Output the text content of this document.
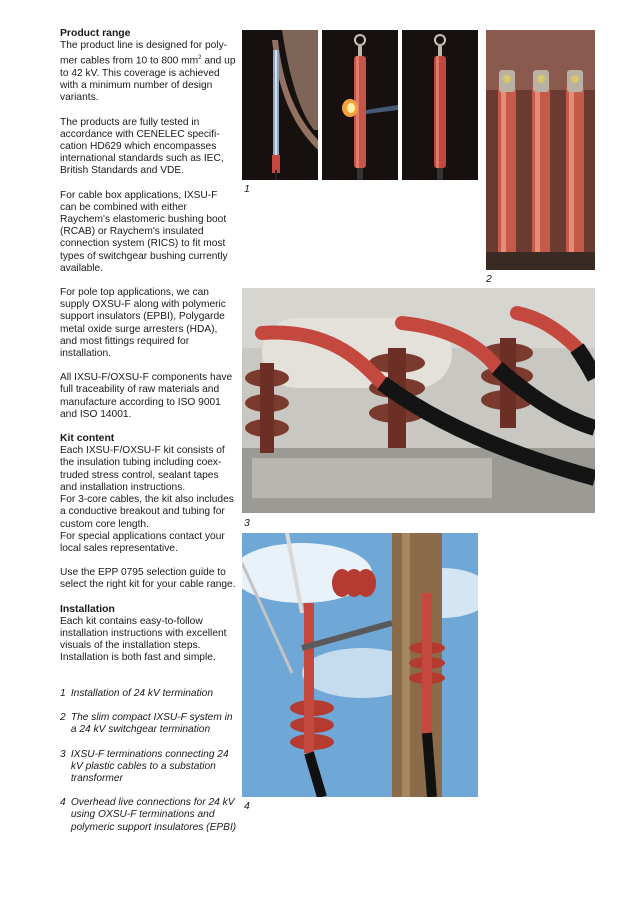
Product range

The product line is designed for poly-mer cables from 10 to 800 $mm^2$ and up to 42 kV. This coverage is achieved with a minimum number of design variants.

The products are fully tested in accordance with CENELEC specifi-cation HD629 which encompasses international standards such as IEC, British Standards and VDE.

For cable box applications, IXSU-F can be combined with either Raychem's elastomeric bushing boot (RCAB) or Raychem's insulated connection system (RICS) to fit most types of switchgear bushing currently available.

For pole top applications, we can supply OXSU-F along with polymeric support insulators (EPBI), Polygarde metal oxide surge arresters (HDA), and most fittings required for installation.

All IXSU-F/OXSU-F components have full traceability of raw materials and manufacture according to ISO 9001 and ISO 14001.

Kit content

Each IXSU-F/OXSU-F kit consists of the insulation tubing including coex-truded stress control, sealant tapes and installation instructions.

For 3-core cables, the kit also includes a conductive breakout and tubing for custom core length.

For special applications contact your local sales representative.

Use the EPP 0795 selection guide to select the right kit for your cable range.

Installation

Each kit contains easy-to-follow installation instructions with excellent visuals of the installation steps. Installation is both fast and simple.

1
Installation of 24 kV termination
2
The slim compact IXSU-F system in a 24 kV switchgear termination
3
IXSU-F terminations connecting 24 kV plastic cables to a substation transformer
4
Overhead live connections for 24 kV using OXSU-F terminations and polymeric support insulatores (EPBI)
1
2
3
4
